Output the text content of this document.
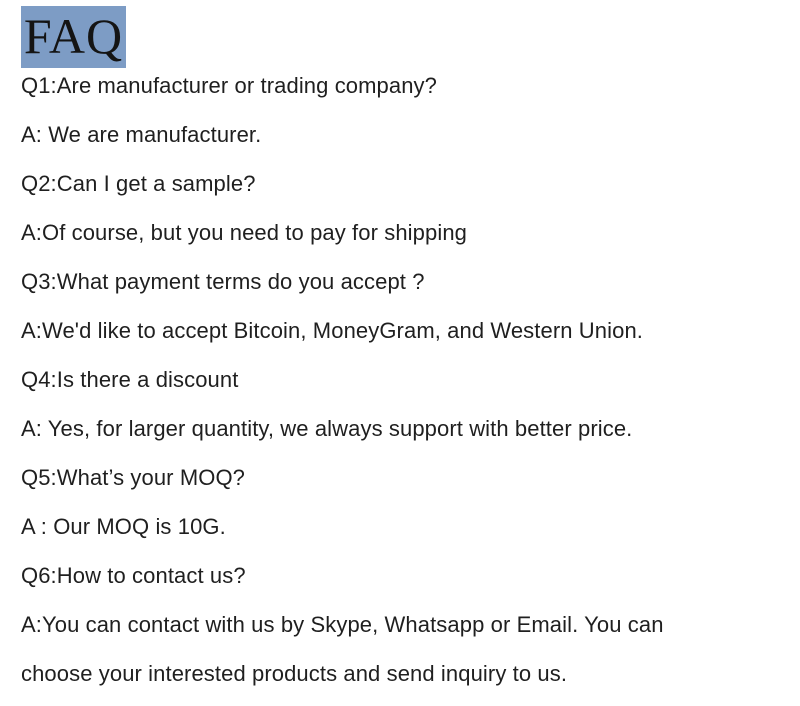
FAQ

Q1:Are manufacturer or trading company?

A: We are manufacturer.

Q2:Can I get a sample?

A:Of course, but you need to pay for shipping

Q3:What payment terms do you accept ?

A:We'd like to accept Bitcoin, MoneyGram, and Western Union.

Q4:Is there a discount

A: Yes, for larger quantity, we always support with better price.

Q5:What’s your MOQ?

A : Our MOQ is 10G.

Q6:How to contact us?

A:You can contact with us by Skype, Whatsapp or Email. You can choose your interested products and send inquiry to us.
